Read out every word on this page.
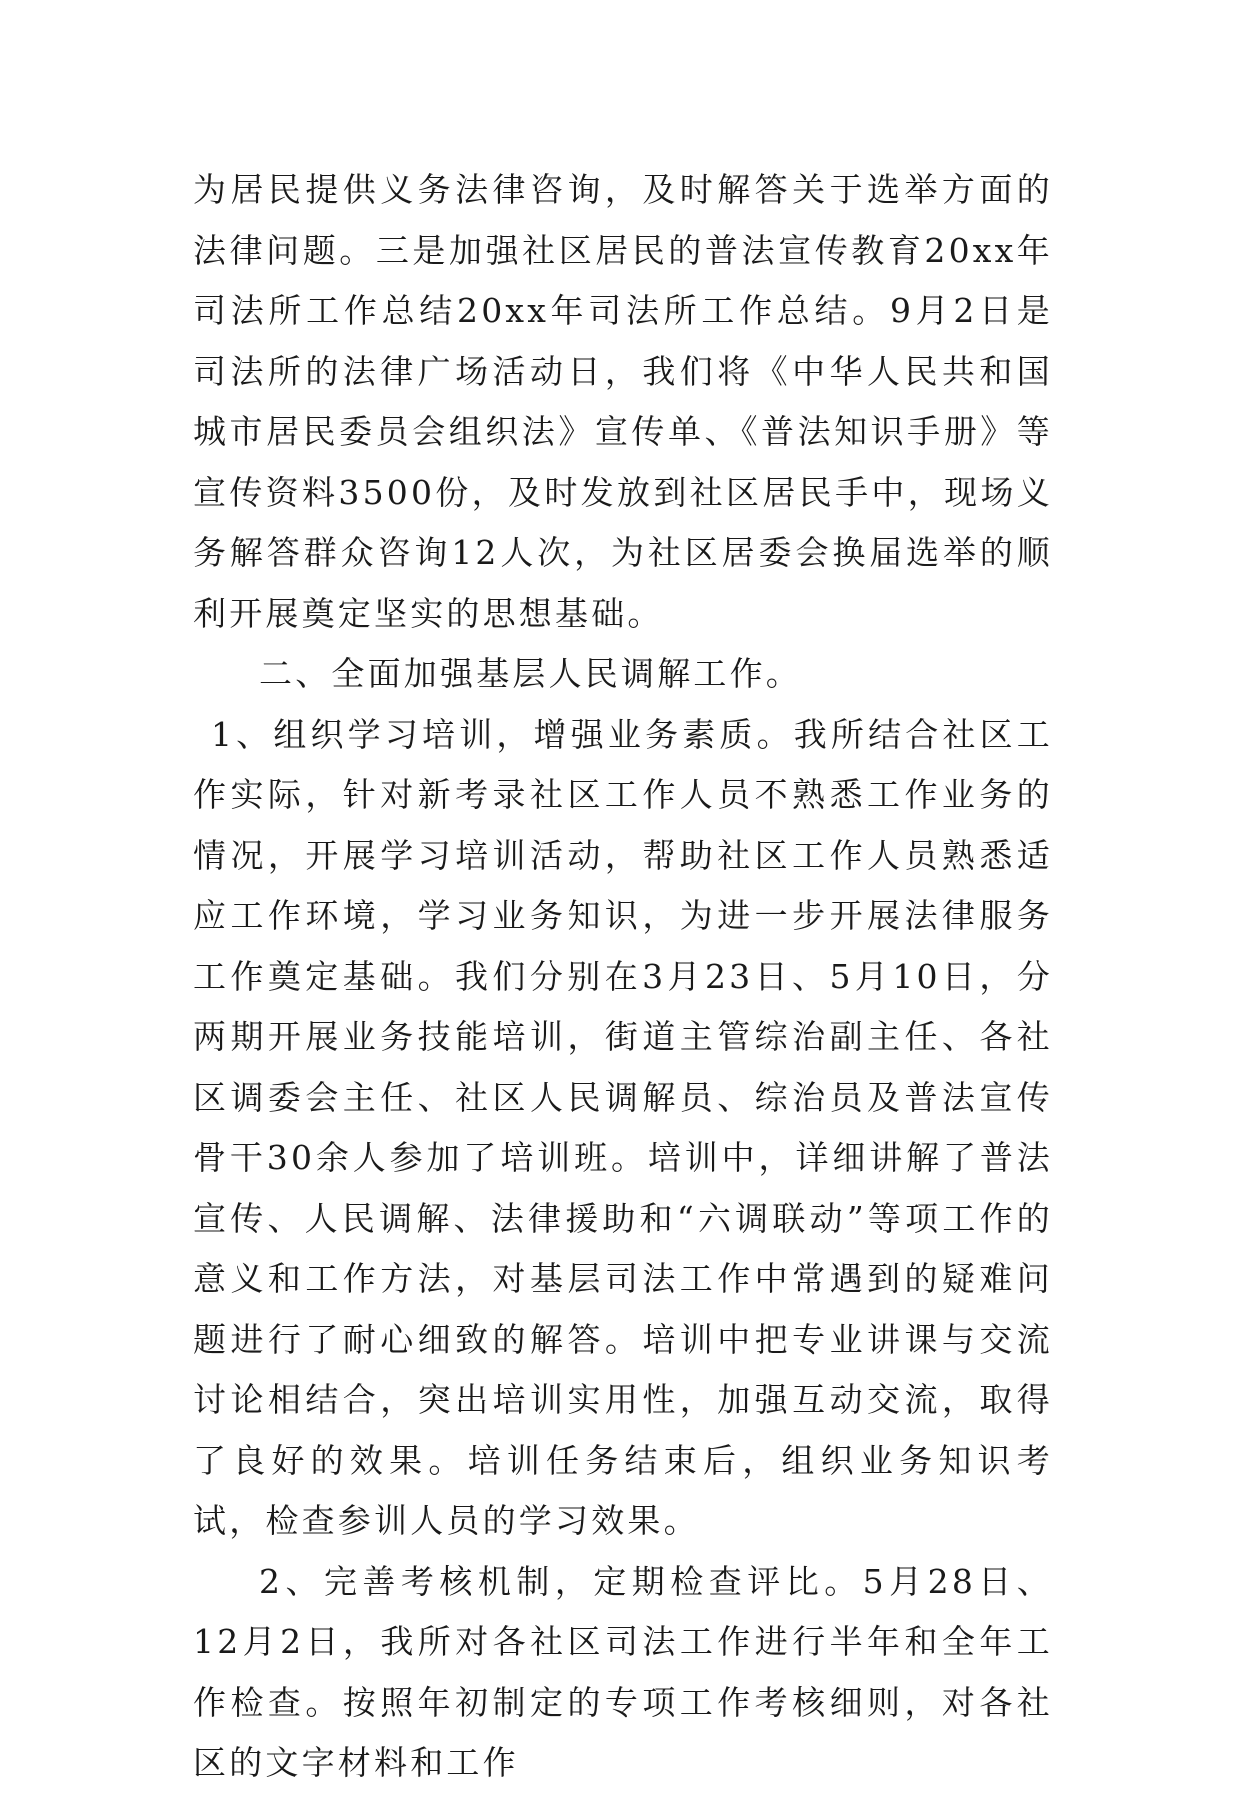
为居民提供义务法律咨询，及时解答关于选举方面的法律问题。三是加强社区居民的普法宣传教育20xx年司法所工作总结20xx年司法所工作总结。9月2日是司法所的法律广场活动日，我们将《中华人民共和国城市居民委员会组织法》宣传单、《普法知识手册》等宣传资料3500份，及时发放到社区居民手中，现场义务解答群众咨询12人次，为社区居委会换届选举的顺利开展奠定坚实的思想基础。

二、全面加强基层人民调解工作。

1、组织学习培训，增强业务素质。我所结合社区工作实际，针对新考录社区工作人员不熟悉工作业务的情况，开展学习培训活动，帮助社区工作人员熟悉适应工作环境，学习业务知识，为进一步开展法律服务工作奠定基础。我们分别在3月23日、5月10日，分两期开展业务技能培训，街道主管综治副主任、各社区调委会主任、社区人民调解员、综治员及普法宣传骨干30余人参加了培训班。培训中，详细讲解了普法宣传、人民调解、法律援助和“六调联动”等项工作的意义和工作方法，对基层司法工作中常遇到的疑难问题进行了耐心细致的解答。培训中把专业讲课与交流讨论相结合，突出培训实用性，加强互动交流，取得了良好的效果。培训任务结束后，组织业务知识考试，检查参训人员的学习效果。

2、完善考核机制，定期检查评比。5月28日、12月2日，我所对各社区司法工作进行半年和全年工作检查。按照年初制定的专项工作考核细则，对各社区的文字材料和工作
